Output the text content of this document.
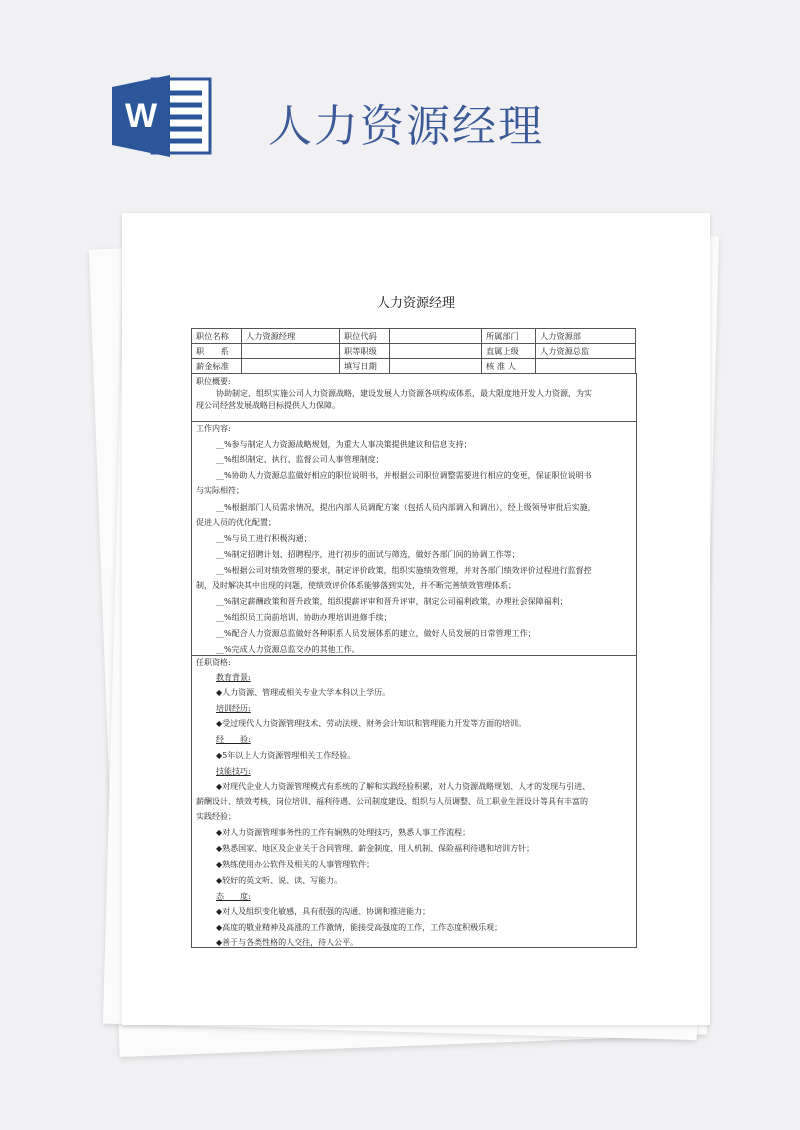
W	人力资源经理
人力资源经理
职位名称	人力资源经理	职位代码		所属部门	人力资源部
职　　系		职等职级		直属上级	人力资源总监
薪金标准		填写日期		核 准 人	
职位概要:
协助制定、组织实施公司人力资源战略，建设发展人力资源各项构成体系，最大限度地开发人力资源，为实
现公司经营发展战略目标提供人力保障。
工作内容:
__%参与制定人力资源战略规划，为重大人事决策提供建议和信息支持；
__%组织制定、执行、监督公司人事管理制度；
__%协助人力资源总监做好相应的职位说明书，并根据公司职位调整需要进行相应的变更，保证职位说明书
与实际相符；
__%根据部门人员需求情况，提出内部人员调配方案（包括人员内部调入和调出），经上级领导审批后实施，
促进人员的优化配置；
__%与员工进行积极沟通；
__%制定招聘计划、招聘程序，进行初步的面试与筛选，做好各部门间的协调工作等；
__%根据公司对绩效管理的要求，制定评价政策，组织实施绩效管理，并对各部门绩效评价过程进行监督控
制，及时解决其中出现的问题，使绩效评价体系能够落到实处，并不断完善绩效管理体系；
__%制定薪酬政策和晋升政策，组织提薪评审和晋升评审，制定公司福利政策，办理社会保障福利；
__%组织员工岗前培训、协助办理培训进修手续；
__%配合人力资源总监做好各种职系人员发展体系的建立，做好人员发展的日常管理工作；
__%完成人力资源总监交办的其他工作。
任职资格:
教育背景:
◆人力资源、管理或相关专业大学本科以上学历。
培训经历:
◆受过现代人力资源管理技术、劳动法规、财务会计知识和管理能力开发等方面的培训。
经　　验:
◆5年以上人力资源管理相关工作经验。
技能技巧:
◆对现代企业人力资源管理模式有系统的了解和实践经验积累，对人力资源战略规划、人才的发现与引进、
薪酬设计、绩效考核、岗位培训、福利待遇、公司制度建设、组织与人员调整、员工职业生涯设计等具有丰富的
实践经验；
◆对人力资源管理事务性的工作有娴熟的处理技巧，熟悉人事工作流程；
◆熟悉国家、地区及企业关于合同管理、薪金制度、用人机制、保险福利待遇和培训方针；
◆熟练使用办公软件及相关的人事管理软件；
◆较好的英文听、说、读、写能力。
态　　度:
◆对人及组织变化敏感，具有很强的沟通、协调和推进能力；
◆高度的敬业精神及高涨的工作激情，能接受高强度的工作，工作态度积极乐观；
◆善于与各类性格的人交往，待人公平。
